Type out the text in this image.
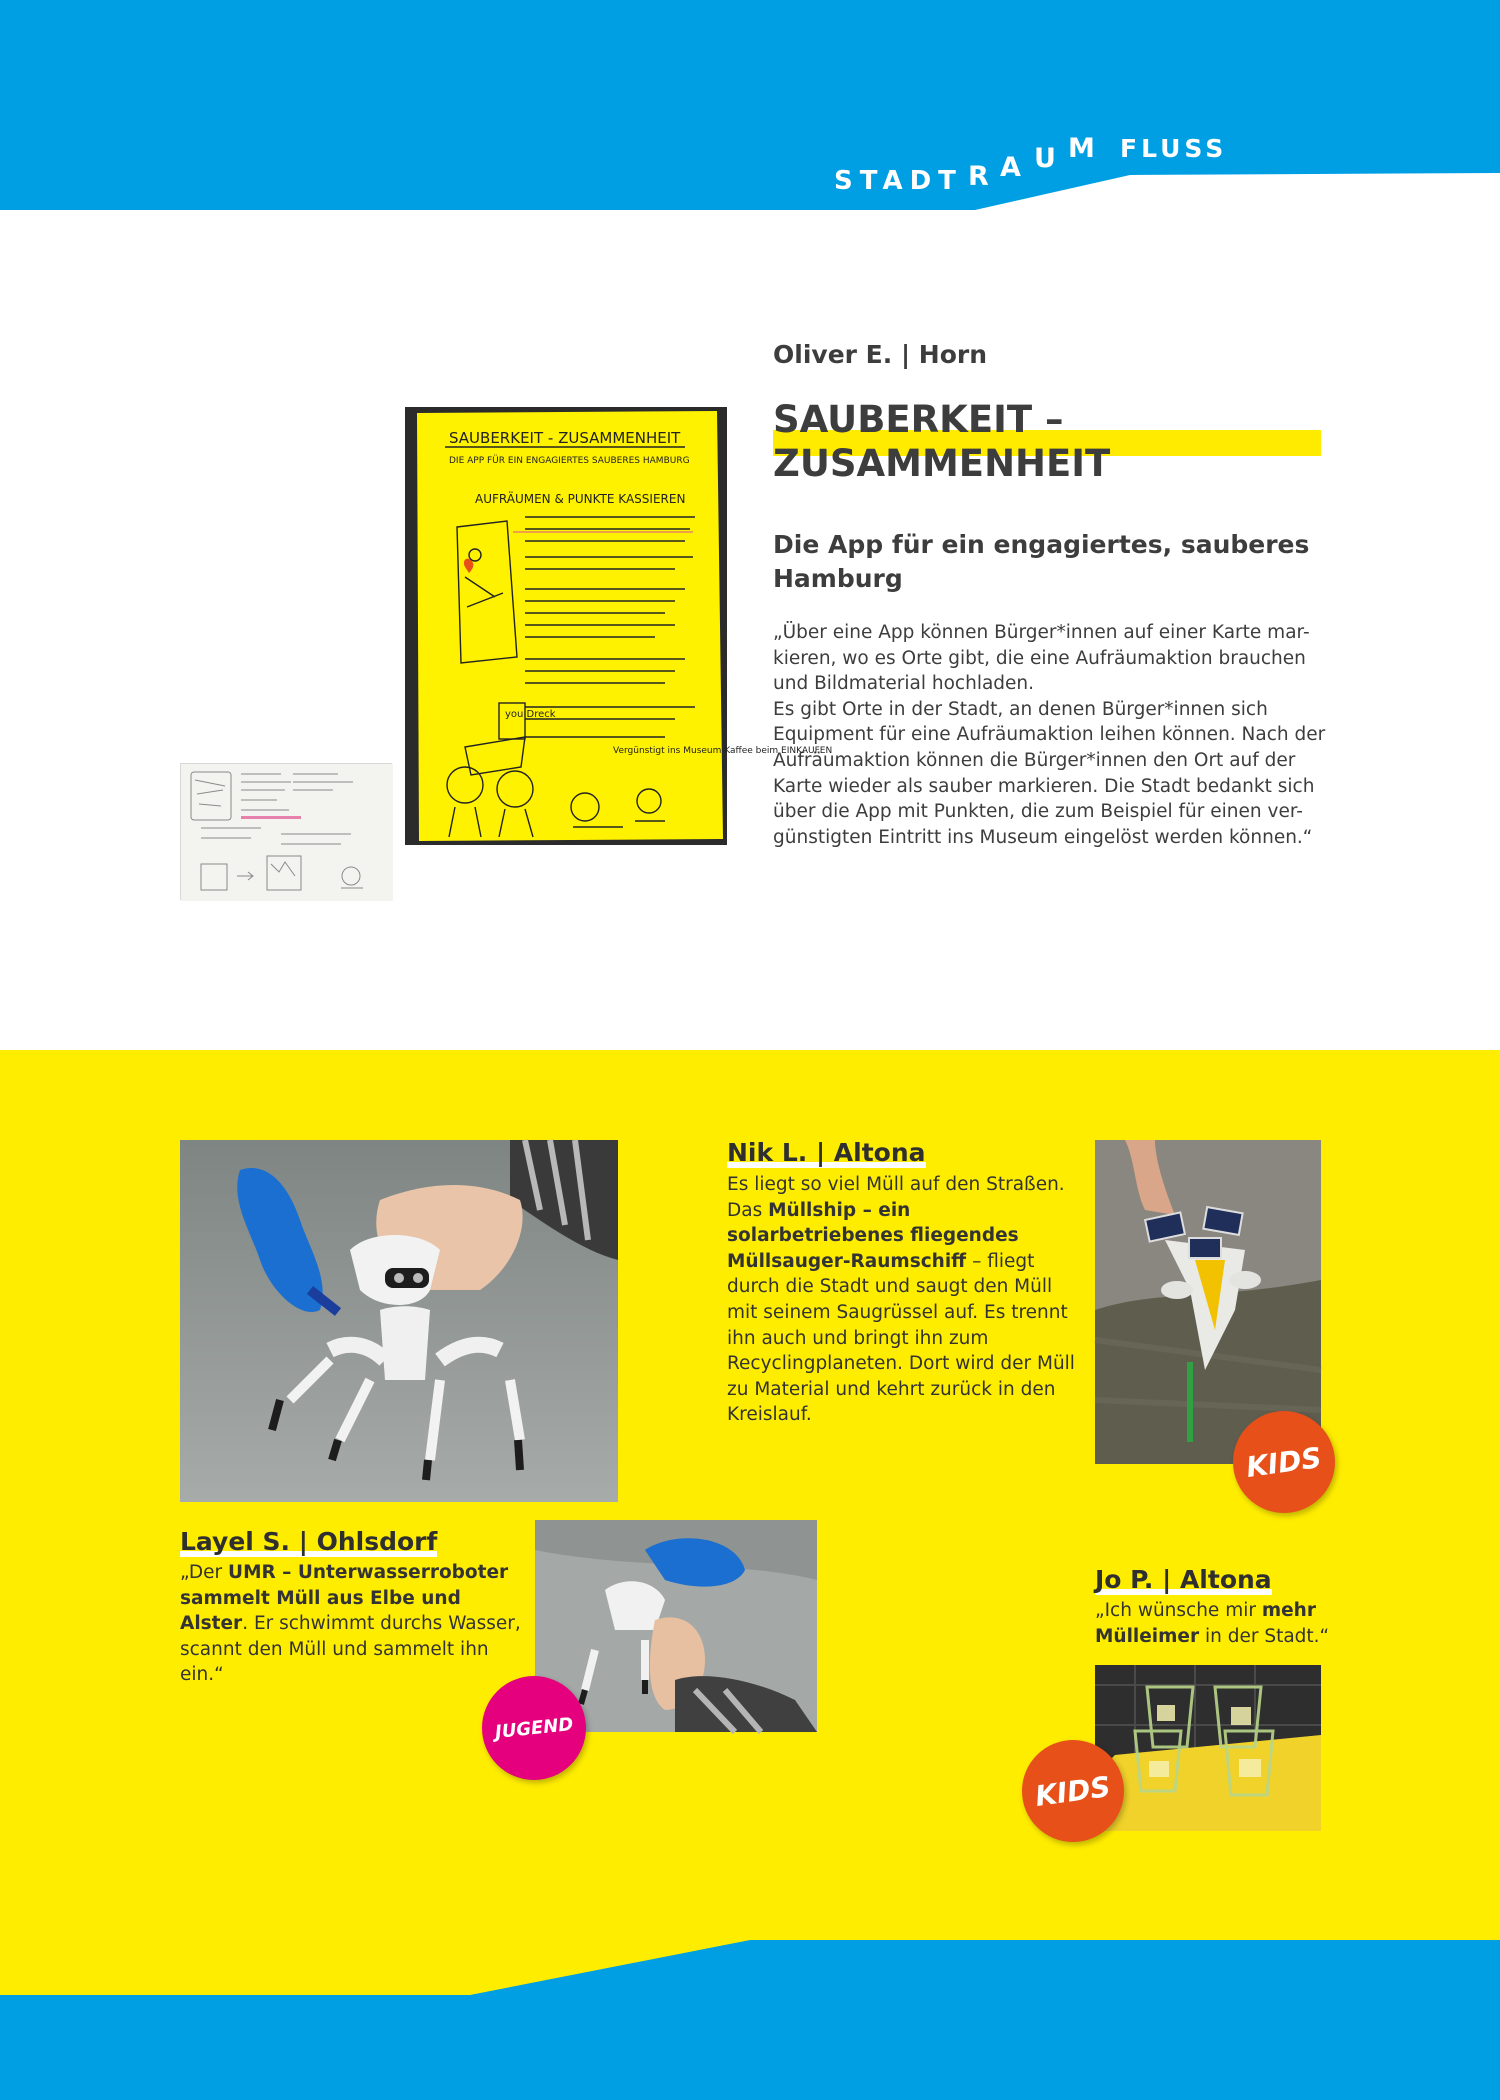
STADT R A U M FLUSS
Oliver E. | Horn
SAUBERKEIT –
ZUSAMMENHEIT
Die App für ein engagiertes, sauberes Hamburg

„Über eine App können Bürger*innen auf einer Karte mar-
kieren, wo es Orte gibt, die eine Aufräumaktion brauchen
und Bildmaterial hochladen.
Es gibt Orte in der Stadt, an denen Bürger*innen sich
Equipment für eine Aufräumaktion leihen können. Nach der
Aufräumaktion können die Bürger*innen den Ort auf der
Karte wieder als sauber markieren. Die Stadt bedankt sich
über die App mit Punkten, die zum Beispiel für einen ver-
günstigten Eintritt ins Museum eingelöst werden können.“

SAUBERKEIT - ZUSAMMENHEIT
DIE APP FÜR EIN ENGAGIERTES SAUBERES HAMBURG
AUFRÄUMEN & PUNKTE KASSIEREN
you Dreck
Vergünstigt ins Museum Kaffee beim EINKAUFEN
Nik L. | Altona

Es liegt so viel Müll auf den Straßen. Das Müllship – ein solarbetriebenes fliegendes Müllsauger-Raumschiff – fliegt durch die Stadt und saugt den Müll mit seinem Saugrüssel auf. Es trennt ihn auch und bringt ihn zum Recyclingplaneten. Dort wird der Müll zu Material und kehrt zurück in den Kreislauf.

KIDS
Layel S. | Ohlsdorf

„Der UMR – Unterwasserroboter sammelt Müll aus Elbe und Alster. Er schwimmt durchs Wasser, scannt den Müll und sammelt ihn ein.“

JUGEND
Jo P. | Altona

„Ich wünsche mir mehr Mülleimer in der Stadt.“

KIDS
